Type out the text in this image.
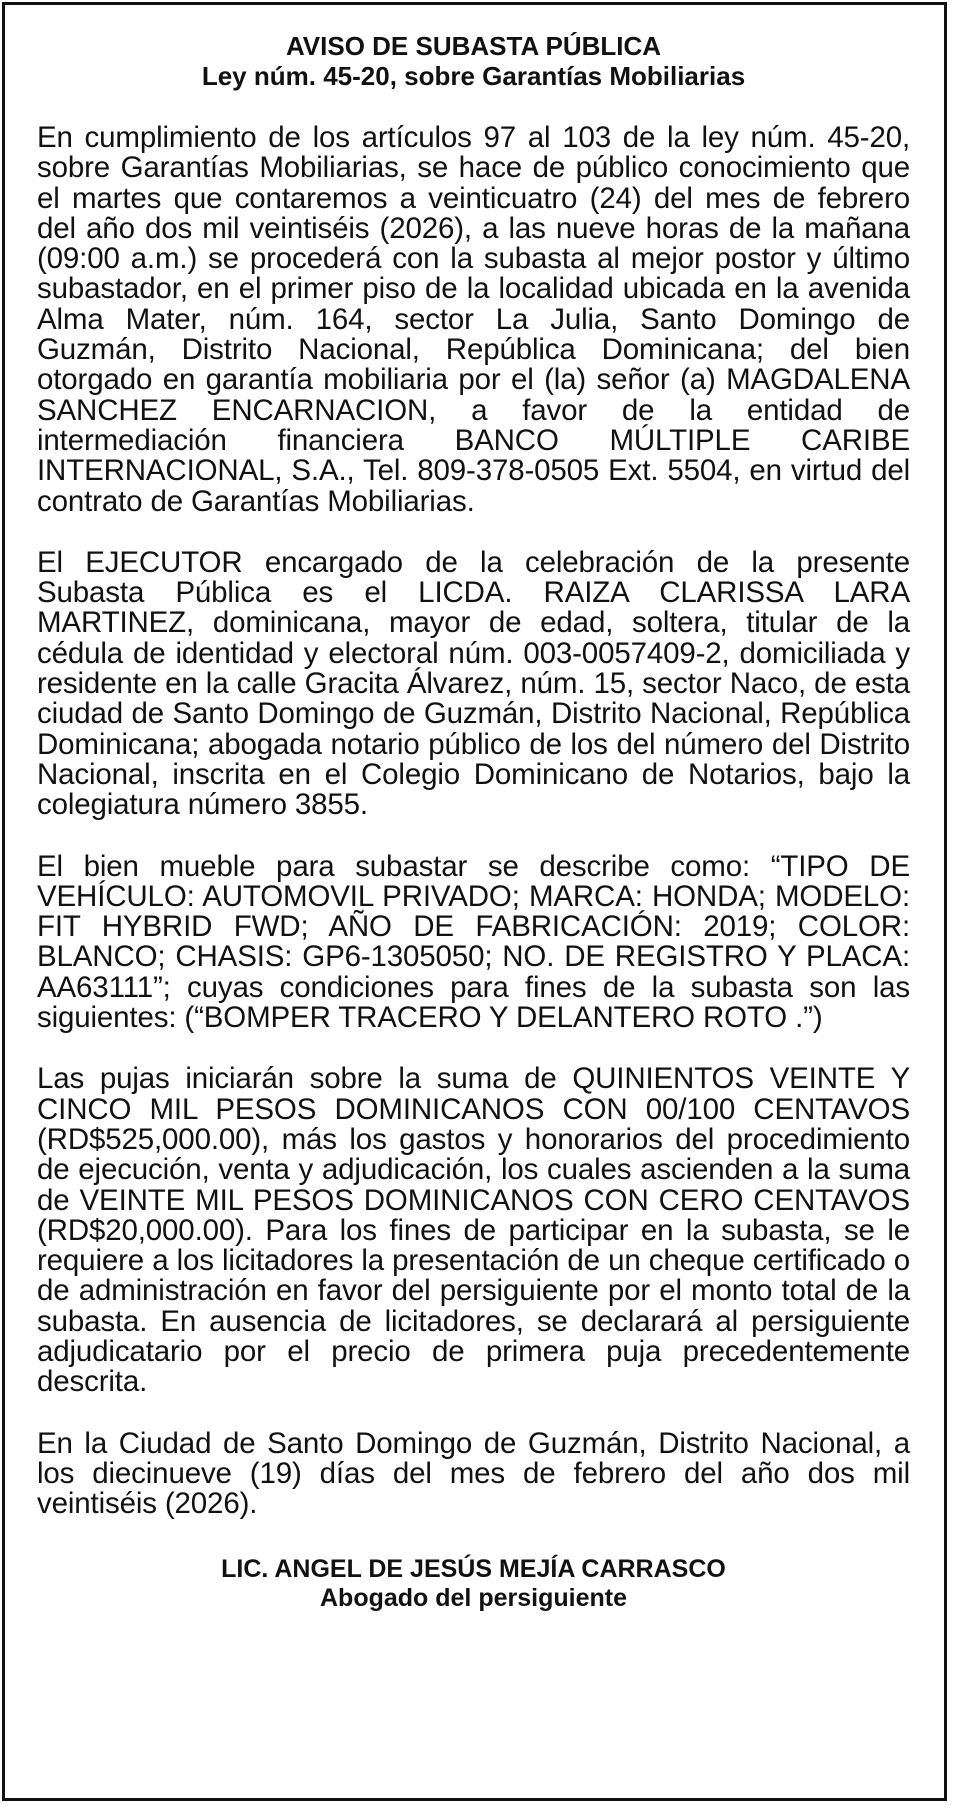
AVISO DE SUBASTA PÚBLICA
Ley núm. 45-20, sobre Garantías Mobiliarias

En cumplimiento de los artículos 97 al 103 de la ley núm. 45-20, sobre Garantías Mobiliarias, se hace de público conocimiento que el martes que contaremos a veinticuatro (24) del mes de febrero del año dos mil veintiséis (2026), a las nueve horas de la mañana (09:00 a.m.) se procederá con la subasta al mejor postor y último subastador, en el primer piso de la localidad ubicada en la avenida Alma Mater, núm. 164, sector La Julia, Santo Domingo de Guzmán, Distrito Nacional, República Dominicana; del bien otorgado en garantía mobiliaria por el (la) señor (a) MAGDALENA SANCHEZ ENCARNACION, a favor de la entidad de intermediación financiera BANCO MÚLTIPLE CARIBE INTERNACIONAL, S.A., Tel. 809-378-0505 Ext. 5504, en virtud del contrato de Garantías Mobiliarias.

El EJECUTOR encargado de la celebración de la presente Subasta Pública es el LICDA. RAIZA CLARISSA LARA MARTINEZ, dominicana, mayor de edad, soltera, titular de la cédula de identidad y electoral núm. 003-0057409-2, domiciliada y residente en la calle Gracita Álvarez, núm. 15, sector Naco, de esta ciudad de Santo Domingo de Guzmán, Distrito Nacional, República Dominicana; abogada notario público de los del número del Distrito Nacional, inscrita en el Colegio Dominicano de Notarios, bajo la colegiatura número 3855.

El bien mueble para subastar se describe como: “TIPO DE VEHÍCULO: AUTOMOVIL PRIVADO; MARCA: HONDA; MODELO: FIT HYBRID FWD; AÑO DE FABRICACIÓN: 2019; COLOR: BLANCO; CHASIS: GP6-1305050; NO. DE REGISTRO Y PLACA: AA63111”; cuyas condiciones para fines de la subasta son las siguientes: (“BOMPER TRACERO Y DELANTERO ROTO .”)

Las pujas iniciarán sobre la suma de QUINIENTOS VEINTE Y CINCO MIL PESOS DOMINICANOS CON 00/100 CENTAVOS (RD$525,000.00), más los gastos y honorarios del procedimiento de ejecución, venta y adjudicación, los cuales ascienden a la suma de VEINTE MIL PESOS DOMINICANOS CON CERO CENTAVOS (RD$20,000.00). Para los fines de participar en la subasta, se le requiere a los licitadores la presentación de un cheque certificado o de administración en favor del persiguiente por el monto total de la subasta. En ausencia de licitadores, se declarará al persiguiente adjudicatario por el precio de primera puja precedentemente descrita.

En la Ciudad de Santo Domingo de Guzmán, Distrito Nacional, a los diecinueve (19) días del mes de febrero del año dos mil veintiséis (2026).

LIC. ANGEL DE JESÚS MEJÍA CARRASCO
Abogado del persiguiente
